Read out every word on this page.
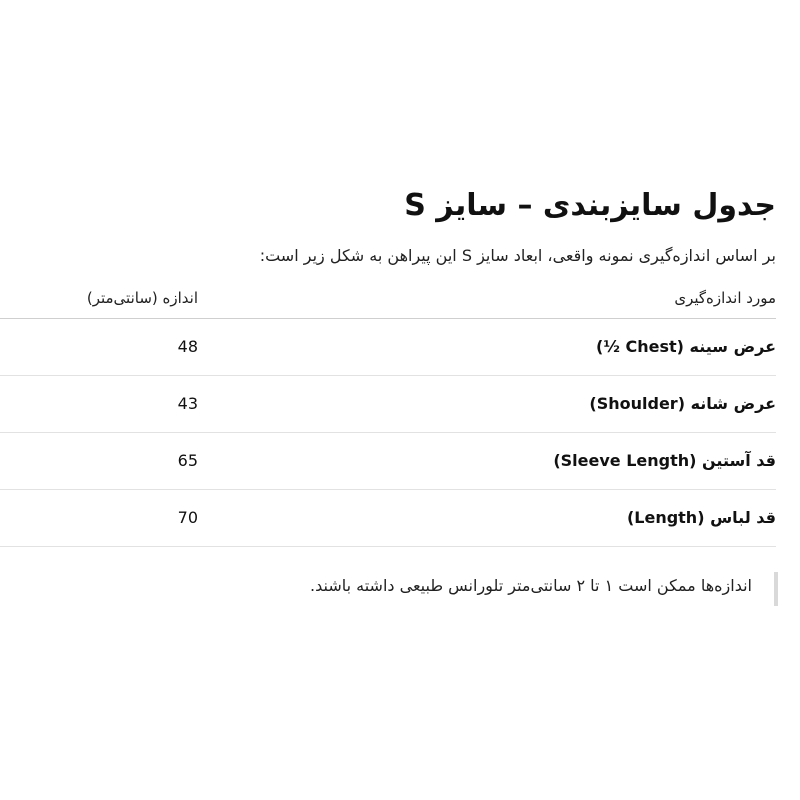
جدول سایزبندی – سایز S
بر اساس اندازه‌گیری نمونه واقعی، ابعاد سایز S این پیراهن به شکل زیر است:
مورد اندازه‌گیری
اندازه (سانتی‌متر)
عرض سینه (Chest ½)
48
عرض شانه (Shoulder)
43
قد آستین (Sleeve Length)
65
قد لباس (Length)
70
اندازه‌ها ممکن است ۱ تا ۲ سانتی‌متر تلورانس طبیعی داشته باشند.
